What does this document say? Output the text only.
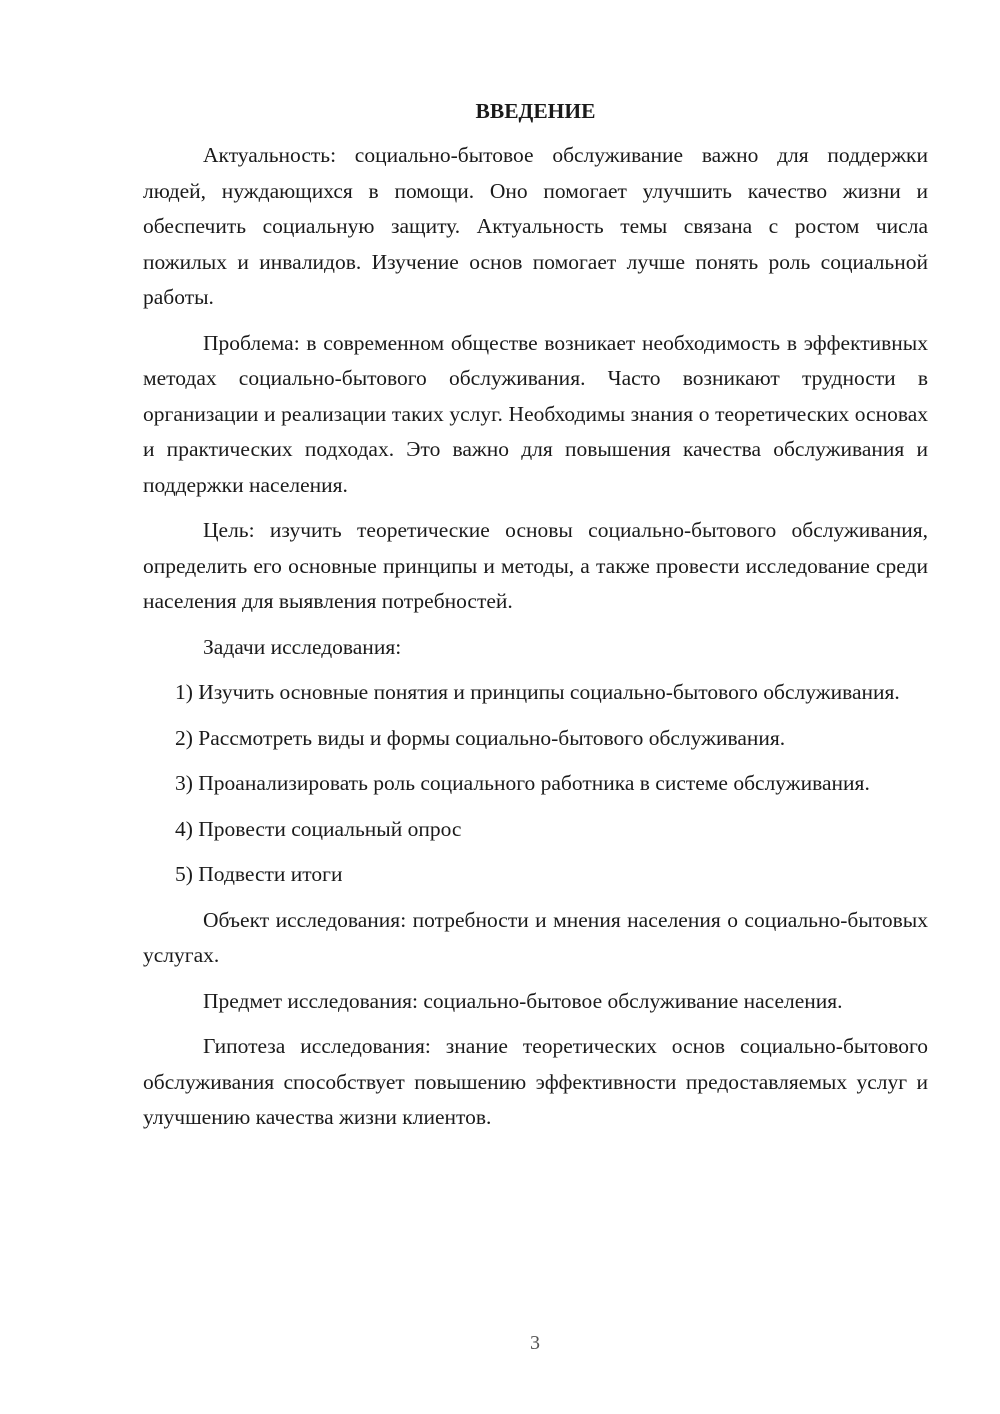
ВВЕДЕНИЕ

Актуальность: социально-бытовое обслуживание важно для поддержки людей, нуждающихся в помощи. Оно помогает улучшить качество жизни и обеспечить социальную защиту. Актуальность темы связана с ростом числа пожилых и инвалидов. Изучение основ помогает лучше понять роль социальной работы.

Проблема: в современном обществе возникает необходимость в эффективных методах социально-бытового обслуживания. Часто возникают трудности в организации и реализации таких услуг. Необходимы знания о теоретических основах и практических подходах. Это важно для повышения качества обслуживания и поддержки населения.

Цель: изучить теоретические основы социально-бытового обслуживания, определить его основные принципы и методы, а также провести исследование среди населения для выявления потребностей.

Задачи исследования:

1) Изучить основные понятия и принципы социально-бытового обслуживания.

2) Рассмотреть виды и формы социально-бытового обслуживания.

3) Проанализировать роль социального работника в системе обслуживания.

4) Провести социальный опрос

5) Подвести итоги

Объект исследования: потребности и мнения населения о социально-бытовых услугах.

Предмет исследования: социально-бытовое обслуживание населения.

Гипотеза исследования: знание теоретических основ социально-бытового обслуживания способствует повышению эффективности предоставляемых услуг и улучшению качества жизни клиентов.

3
